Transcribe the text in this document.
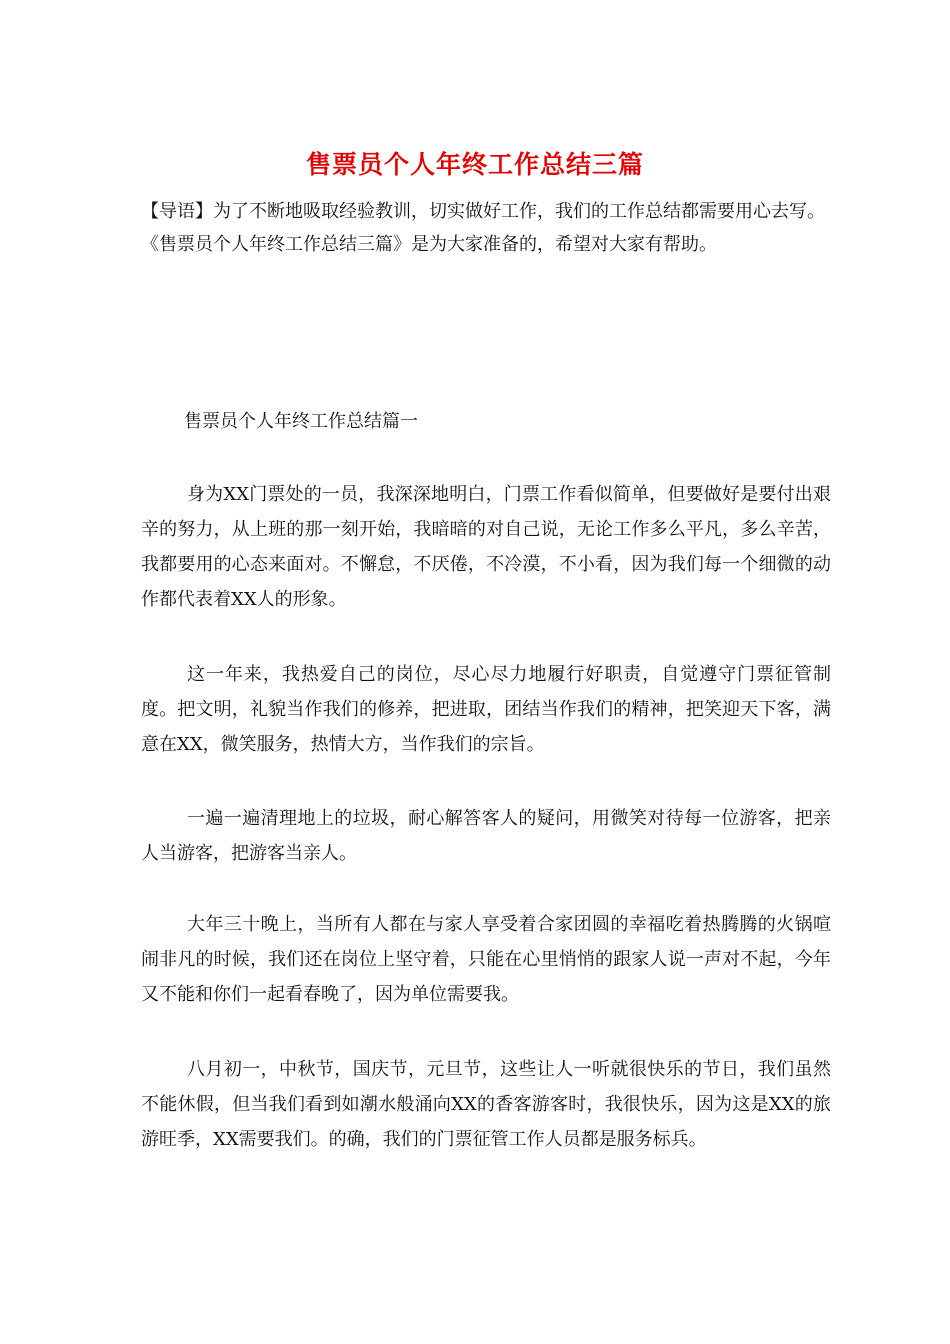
售票员个人年终工作总结三篇

【导语】为了不断地吸取经验教训，切实做好工作，我们的工作总结都需要用心去写。《售票员个人年终工作总结三篇》是为大家准备的，希望对大家有帮助。

售票员个人年终工作总结篇一

身为XX门票处的一员，我深深地明白，门票工作看似简单，但要做好是要付出艰辛的努力，从上班的那一刻开始，我暗暗的对自己说，无论工作多么平凡，多么辛苦，我都要用的心态来面对。不懈怠，不厌倦，不冷漠，不小看，因为我们每一个细微的动作都代表着XX人的形象。

这一年来，我热爱自己的岗位，尽心尽力地履行好职责，自觉遵守门票征管制度。把文明，礼貌当作我们的修养，把进取，团结当作我们的精神，把笑迎天下客，满意在XX，微笑服务，热情大方，当作我们的宗旨。

一遍一遍清理地上的垃圾，耐心解答客人的疑问，用微笑对待每一位游客，把亲人当游客，把游客当亲人。

大年三十晚上，当所有人都在与家人享受着合家团圆的幸福吃着热腾腾的火锅喧闹非凡的时候，我们还在岗位上坚守着，只能在心里悄悄的跟家人说一声对不起，今年又不能和你们一起看春晚了，因为单位需要我。

八月初一，中秋节，国庆节，元旦节，这些让人一听就很快乐的节日，我们虽然不能休假，但当我们看到如潮水般涌向XX的香客游客时，我很快乐，因为这是XX的旅游旺季，XX需要我们。的确，我们的门票征管工作人员都是服务标兵。
